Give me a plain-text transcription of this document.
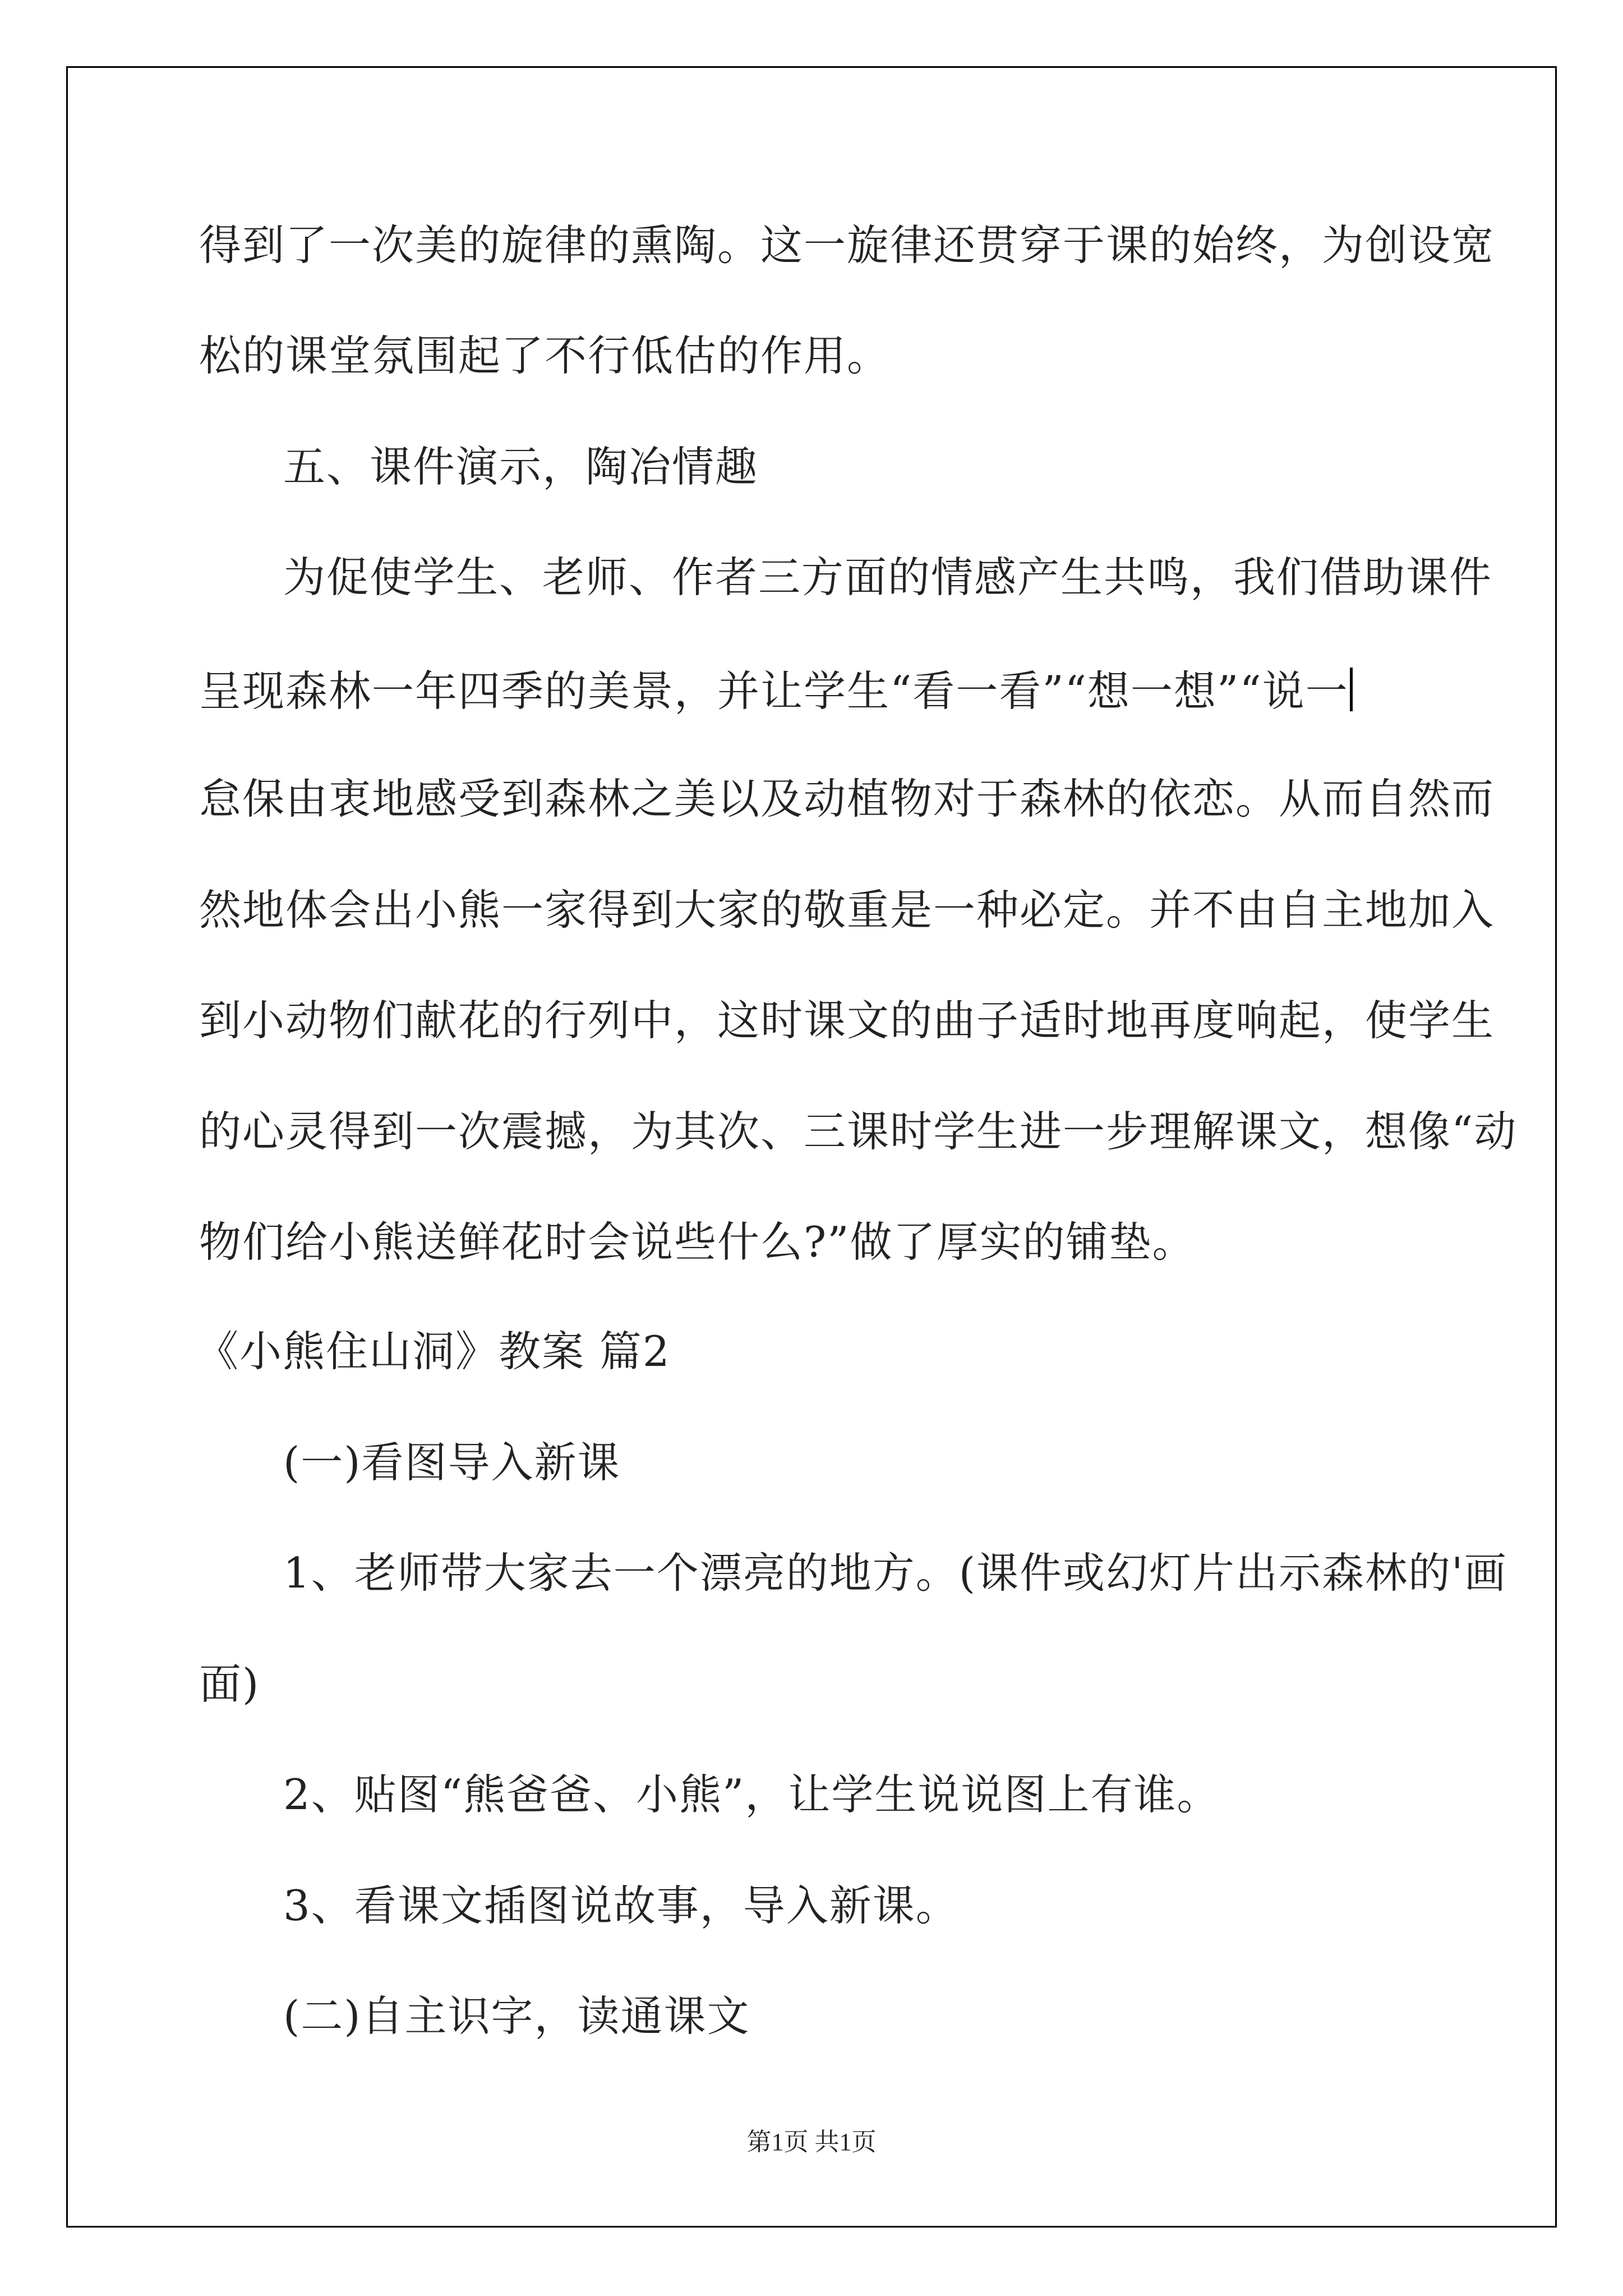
得到了一次美的旋律的熏陶。这一旋律还贯穿于课的始终，为创设宽
松的课堂氛围起了不行低估的作用。
五、课件演示，陶冶情趣
为促使学生、老师、作者三方面的情感产生共鸣，我们借助课件
呈现森林一年四季的美景，并让学生“看一看”“想一想”“说一
怠保由衷地感受到森林之美以及动植物对于森林的依恋。从而自然而
然地体会出小熊一家得到大家的敬重是一种必定。并不由自主地加入
到小动物们献花的行列中，这时课文的曲子适时地再度响起，使学生
的心灵得到一次震撼，为其次、三课时学生进一步理解课文，想像“动
物们给小熊送鲜花时会说些什么?”做了厚实的铺垫。
《小熊住山洞》教案 篇2
(一)看图导入新课
1、老师带大家去一个漂亮的地方。(课件或幻灯片出示森林的'画
面)
2、贴图“熊爸爸、小熊”，让学生说说图上有谁。
3、看课文插图说故事，导入新课。
(二)自主识字，读通课文
第1页 共1页
